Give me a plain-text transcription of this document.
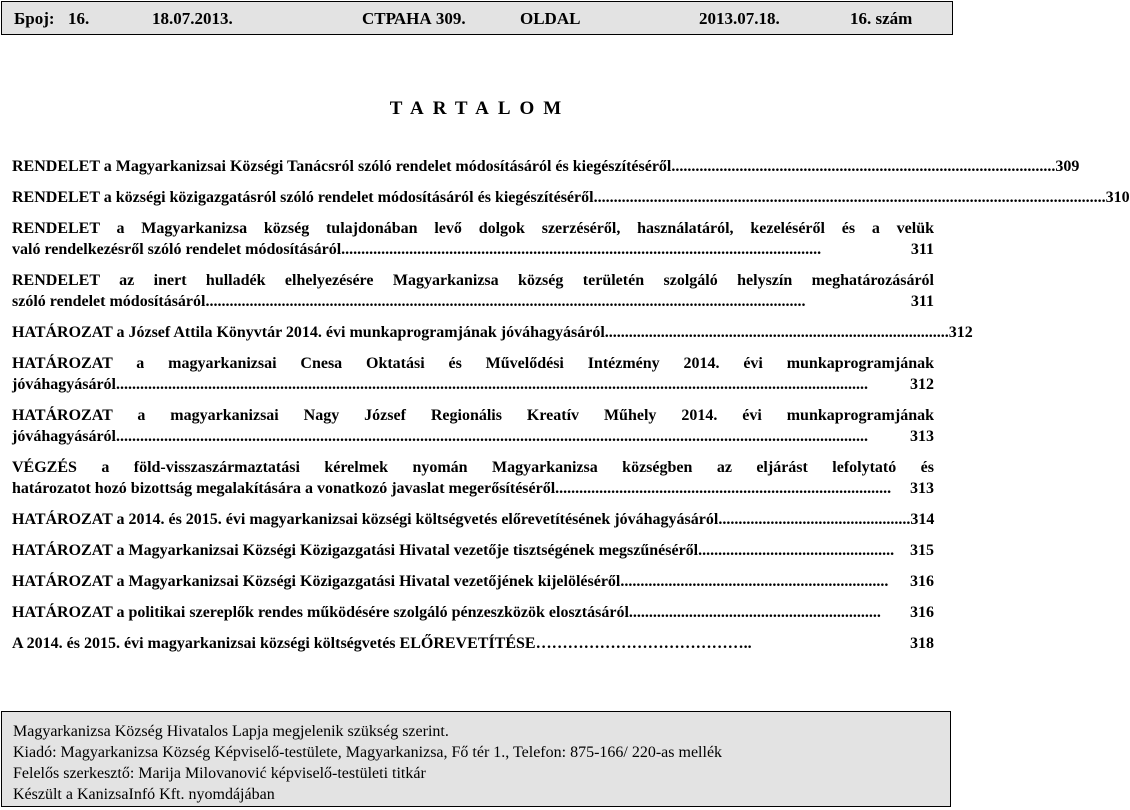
Број: 16.	18.07.2013.	СТРАНА 309.	OLDAL	2013.07.18.	16. szám
TARTALOM
RENDELET a Magyarkanizsai Községi Tanácsról szóló rendelet módosításáról és kiegészítéséről ................................................................................................ 309
RENDELET a községi közigazgatásról szóló rendelet módosításáról és kiegészítéséről ................................................................................................................................ 310
RENDELET a Magyarkanizsa község tulajdonában levő dolgok szerzéséről, használatáról, kezeléséről és a velük
való rendelkezésről szóló rendelet módosításáról ........................................................................................................................	311
RENDELET az inert hulladék elhelyezésére Magyarkanizsa község területén szolgáló helyszín meghatározásáról
szóló rendelet módosításáról ......................................................................................................................................................	311
HATÁROZAT a József Attila Könyvtár 2014. évi munkaprogramjának jóváhagyásáról ...................................................................................... 312
HATÁROZAT a magyarkanizsai Cnesa Oktatási és Művelődési Intézmény 2014. évi munkaprogramjának
jóváhagyásáról ............................................................................................................................................................................................	312
HATÁROZAT a magyarkanizsai Nagy József Regionális Kreatív Műhely 2014. évi munkaprogramjának
jóváhagyásáról ............................................................................................................................................................................................	313
VÉGZÉS a föld-visszaszármaztatási kérelmek nyomán Magyarkanizsa községben az eljárást lefolytató és
határozatot hozó bizottság megalakítására a vonatkozó javaslat megerősítéséről ....................................................................................	313
HATÁROZAT a 2014. és 2015. évi magyarkanizsai községi költségvetés előrevetítésének jóváhagyásáról ................................................ 314
HATÁROZAT a Magyarkanizsai Községi Közigazgatási Hivatal vezetője tisztségének megszűnéséről ................................................. 315
HATÁROZAT a Magyarkanizsai Községi Közigazgatási Hivatal vezetőjének kijelöléséről ...................................................................	316
HATÁROZAT a politikai szereplők rendes működésére szolgáló pénzeszközök elosztásáról ...............................................................	316
A 2014. és 2015. évi magyarkanizsai községi költségvetés ELŐREVETÍTÉSE …………………………………..	318
Magyarkanizsa Község Hivatalos Lapja megjelenik szükség szerint.
Kiadó: Magyarkanizsa Község Képviselő-testülete, Magyarkanizsa, Fő tér 1., Telefon: 875-166/ 220-as mellék
Felelős szerkesztő: Marija Milovanović képviselő-testületi titkár
Készült a KanizsaInfó Kft. nyomdájában
